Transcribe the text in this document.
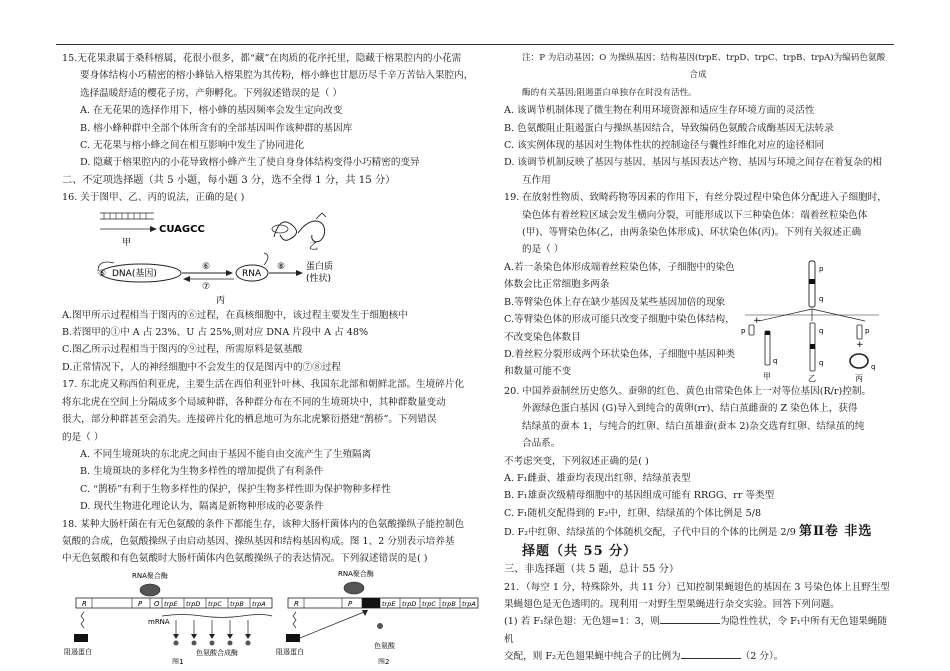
15.无花果隶属于桑科榕属，花很小很多，都“藏”在肉质的花序托里，隐藏于榕果腔内的小花需

要身体结构小巧精密的榕小蜂钻入榕果腔为其传粉，榕小蜂也甘愿历尽千辛万苦钻入果腔内，

选择温暖舒适的樱花子房，产卵孵化。下列叙述错误的是（ ）

A. 在无花果的选择作用下，榕小蜂的基因频率会发生定向改变

B. 榕小蜂种群中全部个体所含有的全部基因叫作该种群的基因库

C. 无花果与榕小蜂之间在相互影响中发生了协同进化

D. 隐藏于榕果腔内的小花导致榕小蜂产生了使自身身体结构变得小巧精密的变异

二、不定项选择题（共 5 小题，每小题 3 分，选不全得 1 分，共 15 分）

16. 关于图甲、乙、丙的说法，正确的是( )

CUAGCC
甲	乙
DNA(基因)
⑤
⑥
⑦
RNA
⑧ 蛋白质
(性状)
丙

A.图甲所示过程相当于图丙的⑥过程，在真核细胞中，该过程主要发生于细胞核中

B.若图甲的①中 A 占 23%、U 占 25%,则对应 DNA 片段中 A 占 48%

C.图乙所示过程相当于图丙的⑨过程，所需原料是氨基酸

D.正常情况下，人的神经细胞中不会发生的仅是图丙中的⑦⑧过程

17. 东北虎又称西伯利亚虎，主要生活在西伯利亚针叶林、我国东北部和朝鲜北部。生境碎片化

将东北虎在空间上分隔成多个局域种群，各种群分布在不同的生境斑块中，其种群数量变动

很大，部分种群甚至会消失。连接碎片化的栖息地可为东北虎繁衍搭建“鹊桥”。下列错误

的是（ ）

A. 不同生境斑块的东北虎之间由于基因不能自由交流产生了生殖隔离

B. 生境斑块的多样化为生物多样性的增加提供了有利条件

C. “鹊桥”有利于生物多样性的保护，保护生物多样性即为保护物种多样性

D. 现代生物进化理论认为，隔离是新物种形成的必要条件

18. 某种大肠杆菌在有无色氨酸的条件下都能生存，该种大肠杆菌体内的色氨酸操纵子能控制色

氨酸的合成，色氨酸操纵子由启动基因、操纵基因和结构基因构成。图 1、2 分别表示培养基

中无色氨酸和有色氨酸时大肠杆菌体内色氨酸操纵子的表达情况。下列叙述错误的是( )

RNA聚合酶
R	P O trpE trpD trpC trpB trpA
mRNA
色氨酸合成酶
阻遏蛋白
图1
RNA聚合酶
R	P	trpE trpD trpC trpB trpA
色氨酸
阻遏蛋白
图2

注：P 为启动基因；O 为操纵基因；结构基因(trpE、trpD、trpC、trpB、trpA)为编码色氨酸

合成

酶的有关基因;阻遏蛋白单独存在时没有活性。

A. 该调节机制体现了微生物在利用环境资源和适应生存环境方面的灵活性

B. 色氨酸阻止阻遏蛋白与操纵基因结合，导致编码色氨酸合成酶基因无法转录

C. 该实例体现的基因对生物体性状的控制途径与囊性纤维化对应的途径相同

D. 该调节机制反映了基因与基因、基因与基因表达产物、基因与环境之间存在着复杂的相

互作用

19. 在放射性物质、致畸药物等因素的作用下，有丝分裂过程中染色体分配进入子细胞时，

染色体有着丝粒区域会发生横向分裂，可能形成以下三种染色体：端着丝粒染色体

(甲)、等臂染色体(乙，由两条染色体形成)、环状染色体(丙)。下列有关叙述正确

的是（ ）

A.若一条染色体形成端着丝粒染色体，子细胞中的染色

体数会比正常细胞多两条

B.等臂染色体上存在缺少基因及某些基因加倍的现象

C.等臂染色体的形成可能只改变子细胞中染色体结构，

不改变染色体数目

D.着丝粒分裂形成两个环状染色体，子细胞中基因种类

和数量可能不变

p
q
p
+
q
甲
q
q
乙
p
+
q
丙

20. 中国养蚕制丝历史悠久。蚕卵的红色、黄色由常染色体上一对等位基因(R/r)控制。

外源绿色蛋白基因 (G)导入到纯合的黄卵(rr)、结白茧雌蚕的 Z 染色体上，获得

结绿茧的蚕本 1，与纯合的红卵、结白茧雄蚕(蚕本 2)杂交选育红卵、结绿茧的纯

合品系。

不考虑突变，下列叙述正确的是( )

A. F₁雌蚕、雄蚕均表现出红卵、结绿茧表型

B. F₁雄蚕次级精母细胞中的基因组成可能有 RRGG、rr 等类型

C. F₁随机交配得到的 F₂中，红卵、结绿茧的个体比例是 5/8

D. F₂中红卵、结绿茧的个体随机交配，子代中目的个体的比例是 2/9 第Ⅱ卷 非选

择题（共 55 分）

三、非选择题（共 5 题，总计 55 分）

21．（每空 1 分，特殊除外，共 11 分）已知控制果蝇翅色的基因在 3 号染色体上且野生型

果蝇翅色是无色透明的。现利用一对野生型果蝇进行杂交实验。回答下列问题。

(1) 若 F₁绿色翅：无色翅=1：3，则	为隐性性状，令 F₁中所有无色翅果蝇随机

交配，则 F₂无色翅果蝇中纯合子的比例为	（2 分）。
